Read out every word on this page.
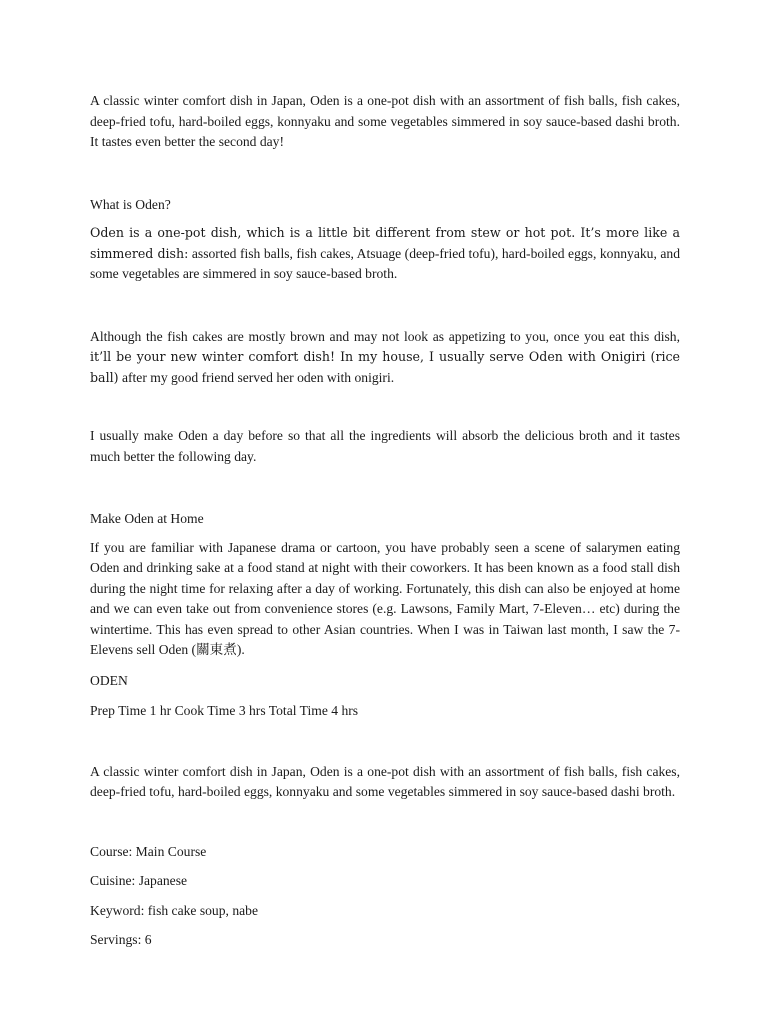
A classic winter comfort dish in Japan, Oden is a one-pot dish with an assortment of fish balls, fish cakes, deep-fried tofu, hard-boiled eggs, konnyaku and some vegetables simmered in soy sauce-based dashi broth. It tastes even better the second day!

What is Oden?

Oden is a one-pot dish, which is a little bit different from stew or hot pot. It’s more like a simmered dish: assorted fish balls, fish cakes, Atsuage (deep-fried tofu), hard-boiled eggs, konnyaku, and some vegetables are simmered in soy sauce-based broth.

Although the fish cakes are mostly brown and may not look as appetizing to you, once you eat this dish, it’ll be your new winter comfort dish! In my house, I usually serve Oden with Onigiri (rice ball) after my good friend served her oden with onigiri.

I usually make Oden a day before so that all the ingredients will absorb the delicious broth and it tastes much better the following day.

Make Oden at Home

If you are familiar with Japanese drama or cartoon, you have probably seen a scene of salarymen eating Oden and drinking sake at a food stand at night with their coworkers. It has been known as a food stall dish during the night time for relaxing after a day of working. Fortunately, this dish can also be enjoyed at home and we can even take out from convenience stores (e.g. Lawsons, Family Mart, 7-Eleven… etc) during the wintertime. This has even spread to other Asian countries. When I was in Taiwan last month, I saw the 7-Elevens sell Oden (關東煮).

ODEN

Prep Time 1 hr Cook Time 3 hrs Total Time 4 hrs

A classic winter comfort dish in Japan, Oden is a one-pot dish with an assortment of fish balls, fish cakes, deep-fried tofu, hard-boiled eggs, konnyaku and some vegetables simmered in soy sauce-based dashi broth.

Course: Main Course

Cuisine: Japanese

Keyword: fish cake soup, nabe

Servings: 6
